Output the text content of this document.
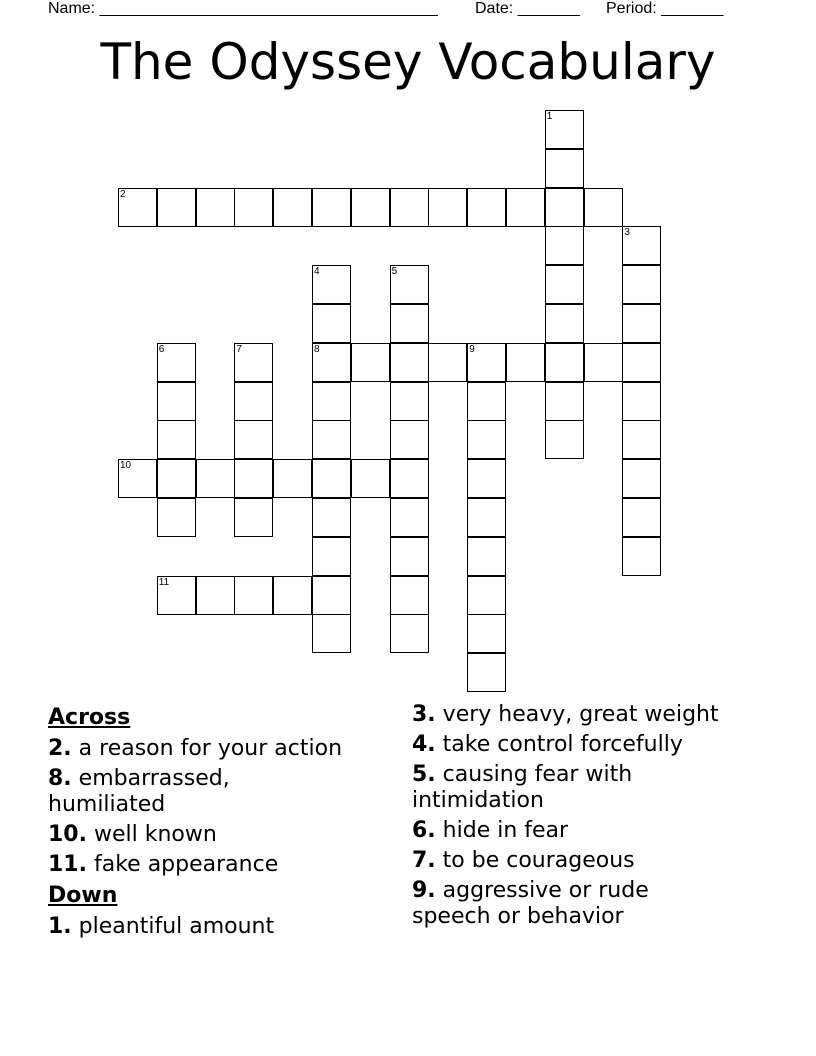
Name: ______________________________________ Date: _______ Period: _______
The Odyssey Vocabulary
1
2
3
4
8
5
6	7	9
10
11
Across
2. a reason for your action
8. embarrassed, humiliated
10. well known
11. fake appearance
Down
1. pleantiful amount
3. very heavy, great weight
4. take control forcefully
5. causing fear with intimidation
6. hide in fear
7. to be courageous
9. aggressive or rude speech or behavior
